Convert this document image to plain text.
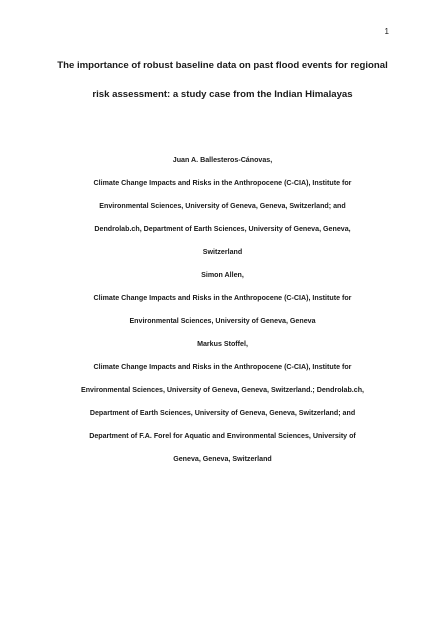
1
The importance of robust baseline data on past flood events for regional
risk assessment: a study case from the Indian Himalayas
Juan A. Ballesteros-Cánovas,
Climate Change Impacts and Risks in the Anthropocene (C-CIA), Institute for
Environmental Sciences, University of Geneva, Geneva, Switzerland; and
Dendrolab.ch, Department of Earth Sciences, University of Geneva, Geneva,
Switzerland
Simon Allen,
Climate Change Impacts and Risks in the Anthropocene (C-CIA), Institute for
Environmental Sciences, University of Geneva, Geneva
Markus Stoffel,
Climate Change Impacts and Risks in the Anthropocene (C-CIA), Institute for
Environmental Sciences, University of Geneva, Geneva, Switzerland.; Dendrolab.ch,
Department of Earth Sciences, University of Geneva, Geneva, Switzerland; and
Department of F.A. Forel for Aquatic and Environmental Sciences, University of
Geneva, Geneva, Switzerland
